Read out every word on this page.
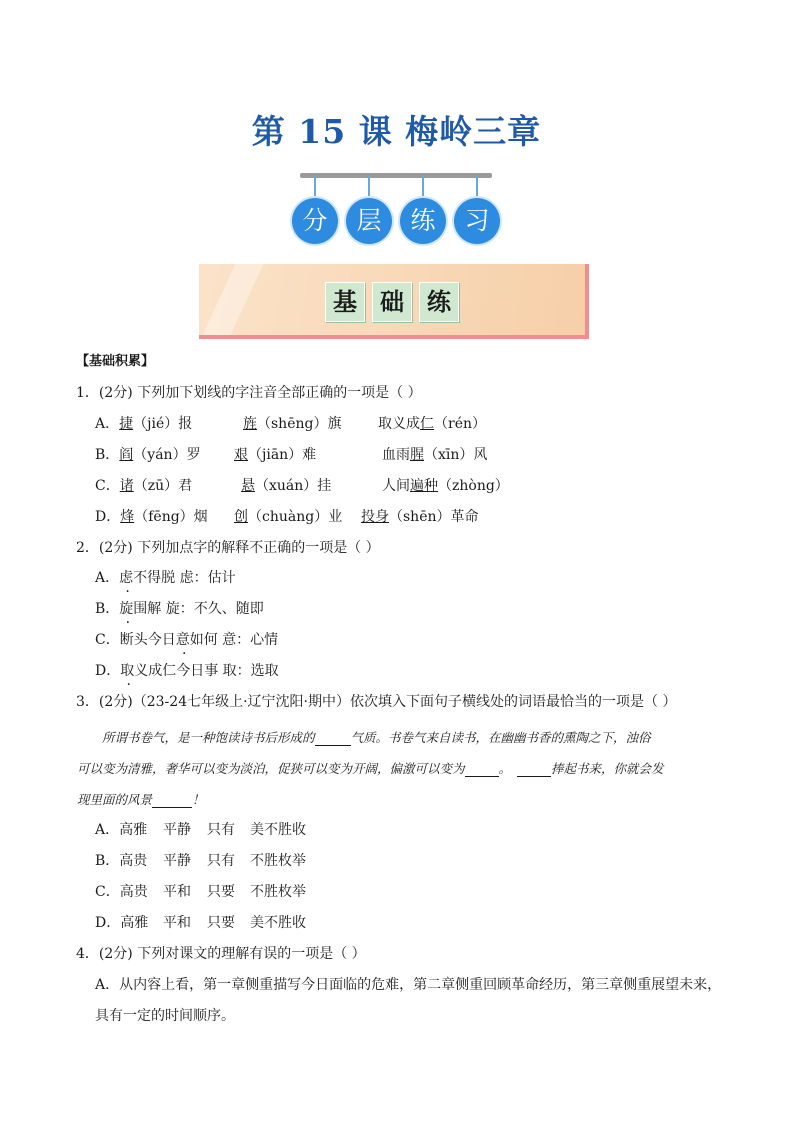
第 15 课 梅岭三章
分	层	练	习
基 础 练
【基础积累】
1．(2分) 下列加下划线的字注音全部正确的一项是（ ）
A．捷（jié）报	旌（shēng）旗	取义成仁（rén）
B．阎（yán）罗 艰（jiān）难	血雨腥（xīn）风
C．诸（zū）君	悬（xuán）挂	人间遍种（zhòng）
D．烽（fēng）烟 创（chuàng）业 投身（shēn）革命
2．(2分) 下列加点字的解释不正确的一项是（ ）
A．虑不得脱 虑：估计
B．旋围解 旋：不久、随即
C．断头今日意如何 意：心情
D．取义成仁今日事 取：选取
3．(2分)（23-24七年级上·辽宁沈阳·期中）依次填入下面句子横线处的词语最恰当的一项是（ ）
所谓书卷气，是一种饱读诗书后形成的	气质。书卷气来自读书，在幽幽书香的熏陶之下，浊俗
可以变为清雅，奢华可以变为淡泊，促狭可以变为开阔，偏激可以变为	。	捧起书来，你就会发
现里面的风景	！
A．高雅 平静 只有 美不胜收
B．高贵 平静 只有 不胜枚举
C．高贵 平和 只要 不胜枚举
D．高雅 平和 只要 美不胜收
4．(2分) 下列对课文的理解有误的一项是（ ）
A．从内容上看，第一章侧重描写今日面临的危难，第二章侧重回顾革命经历，第三章侧重展望未来，
具有一定的时间顺序。
